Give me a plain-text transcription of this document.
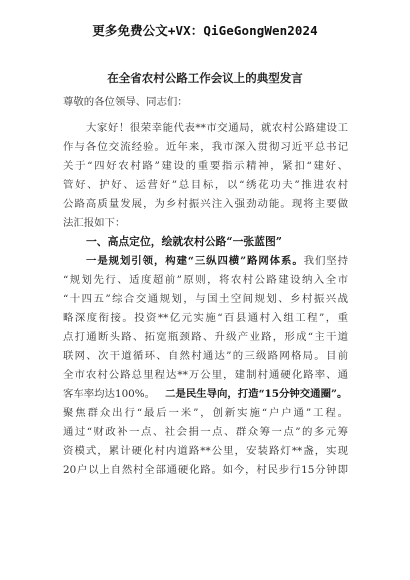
更多免费公文+VX：QiGeGongWen2024
在全省农村公路工作会议上的典型发言
尊敬的各位领导、同志们：
大家好！很荣幸能代表**市交通局，就农村公路建设工
作与各位交流经验。近年来，我市深入贯彻习近平总书记
关于“四好农村路”建设的重要指示精神，紧扣“建好、
管好、护好、运营好”总目标，以“绣花功夫”推进农村
公路高质量发展，为乡村振兴注入强劲动能。现将主要做
法汇报如下：
一、高点定位，绘就农村公路“一张蓝图”
一是规划引领，构建“三纵四横”路网体系。我们坚持
“规划先行、适度超前”原则，将农村公路建设纳入全市
“十四五”综合交通规划，与国土空间规划、乡村振兴战
略深度衔接。投资**亿元实施“百县通村入组工程”，重
点打通断头路、拓宽瓶颈路、升级产业路，形成“主干道
联网、次干道循环、自然村通达”的三级路网格局。目前
全市农村公路总里程达**万公里，建制村通硬化路率、通
客车率均达100%。 二是民生导向，打造“15分钟交通圈”。
聚焦群众出行“最后一米”，创新实施“户户通”工程。
通过“财政补一点、社会捐一点、群众筹一点”的多元筹
资模式，累计硬化村内道路**公里，安装路灯**盏，实现
20户以上自然村全部通硬化路。如今，村民步行15分钟即
